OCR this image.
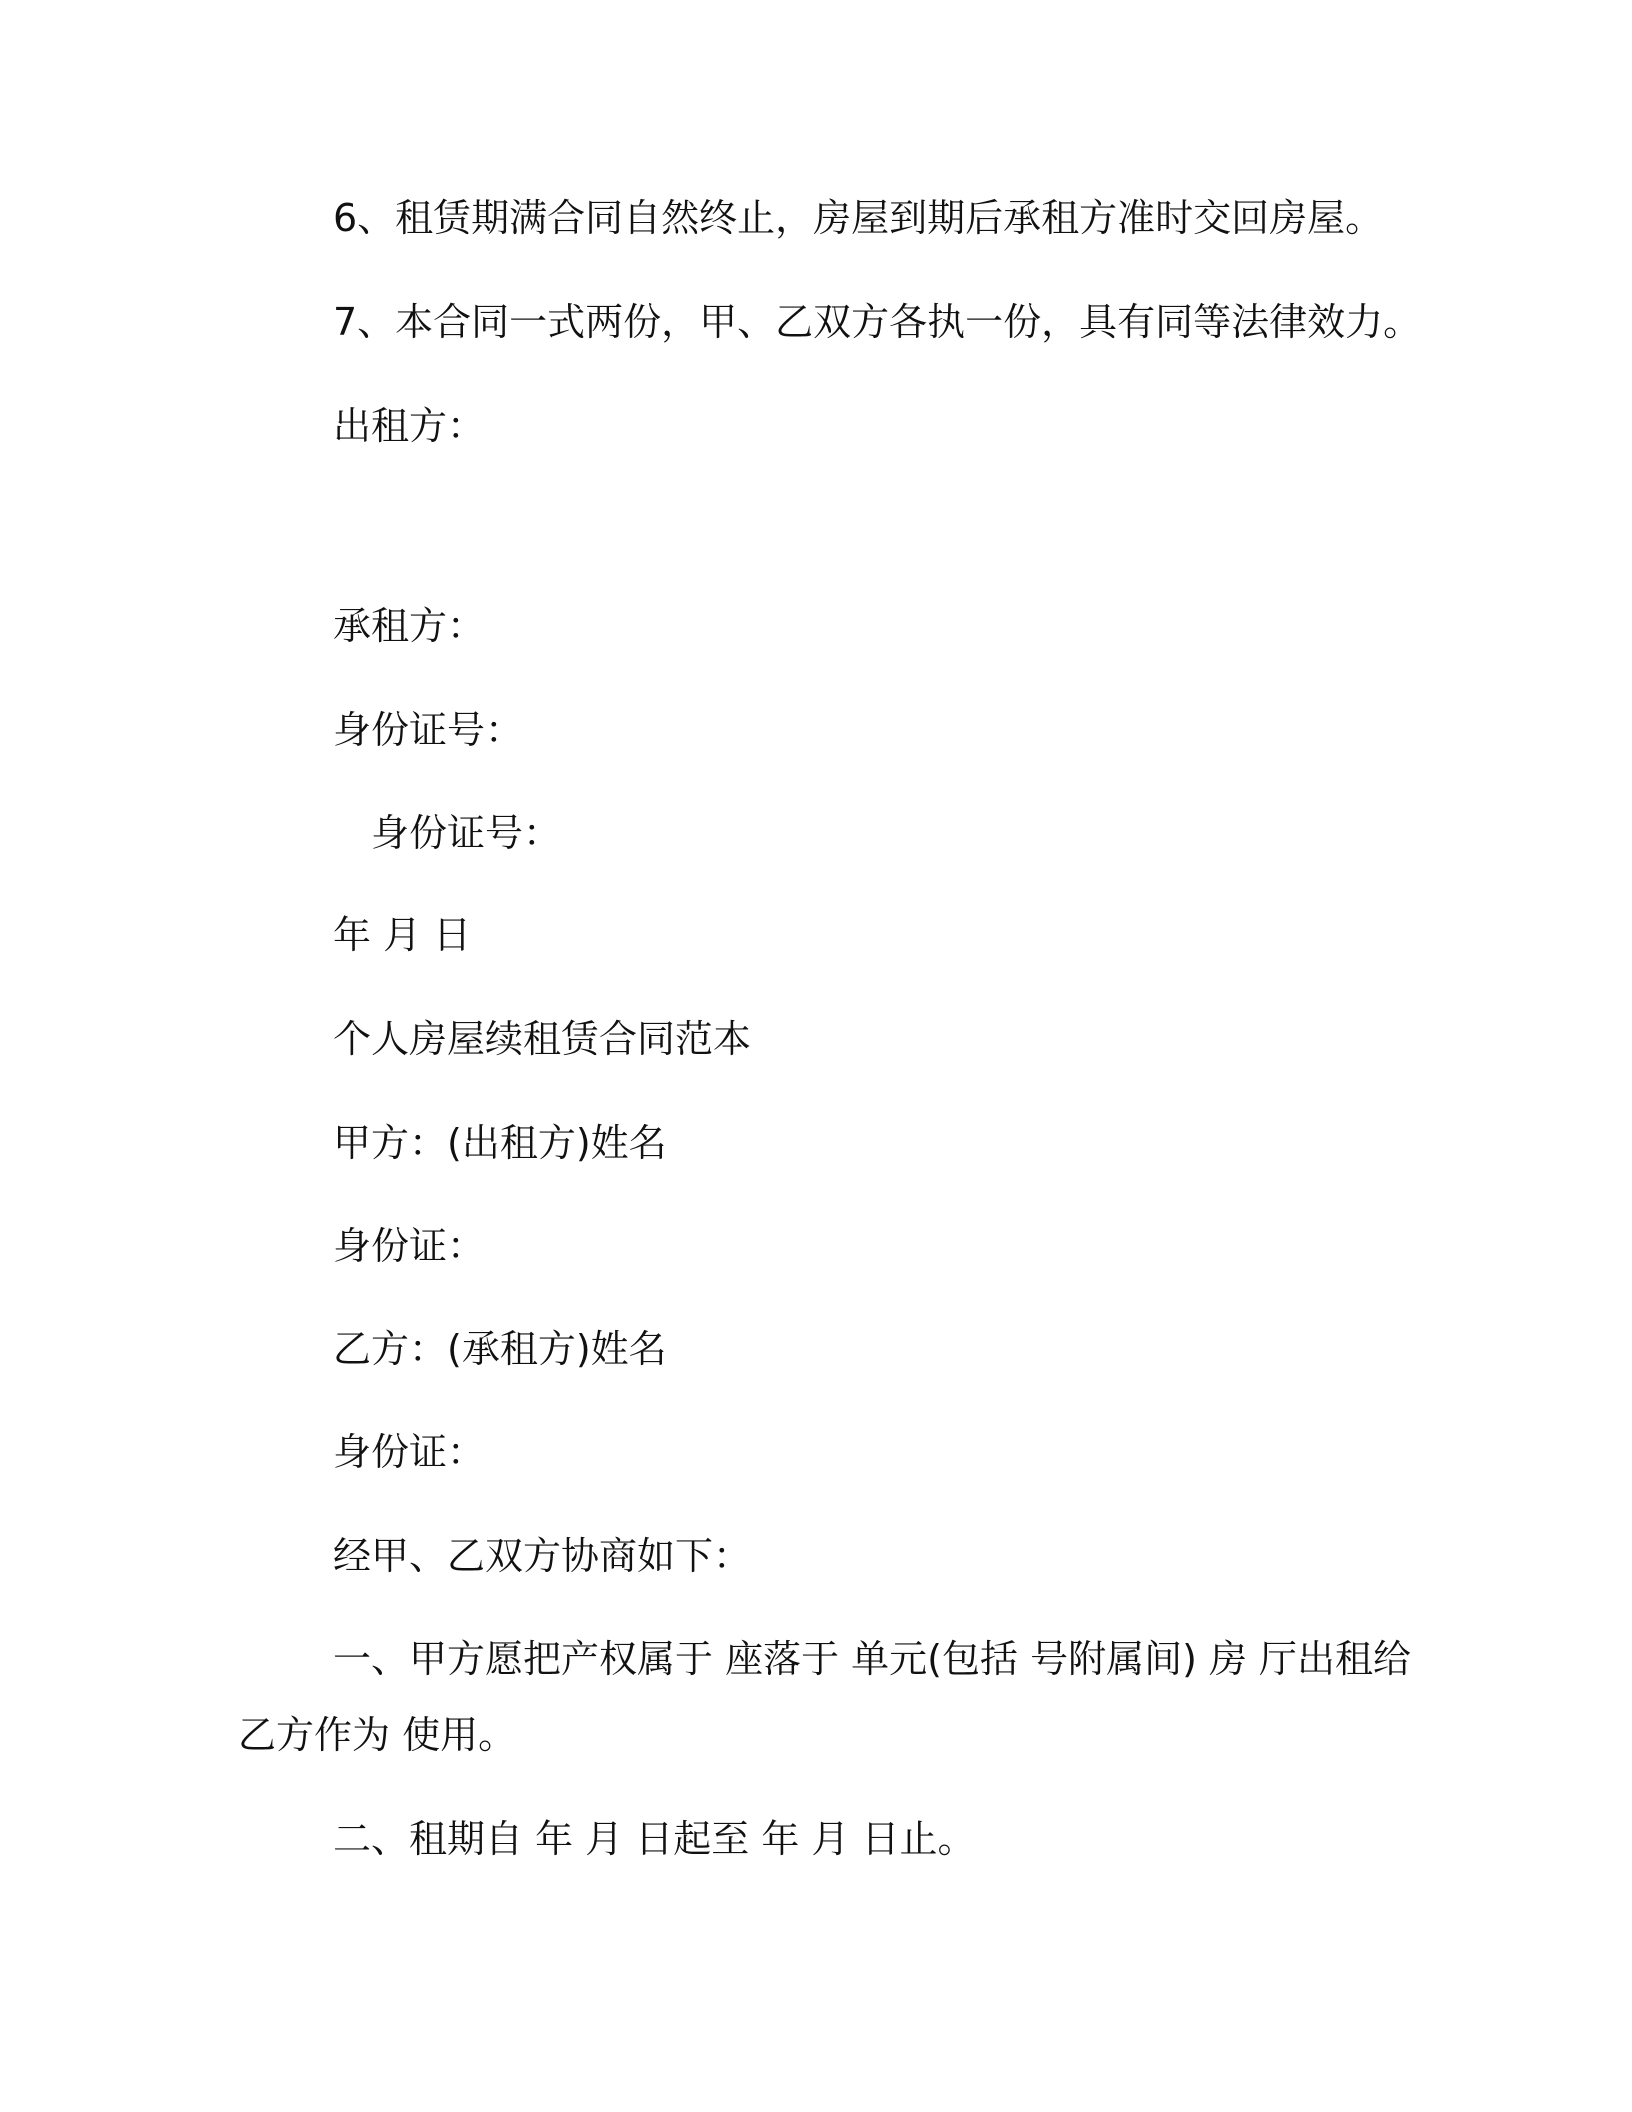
6、租赁期满合同自然终止，房屋到期后承租方准时交回房屋。
7、本合同一式两份，甲、乙双方各执一份，具有同等法律效力。
出租方：
承租方：
身份证号：
身份证号：
年 月 日
个人房屋续租赁合同范本
甲方：(出租方)姓名
身份证：
乙方：(承租方)姓名
身份证：
经甲、乙双方协商如下：
一、甲方愿把产权属于 座落于 单元(包括 号附属间) 房 厅出租给
乙方作为 使用。
二、租期自 年 月 日起至 年 月 日止。
